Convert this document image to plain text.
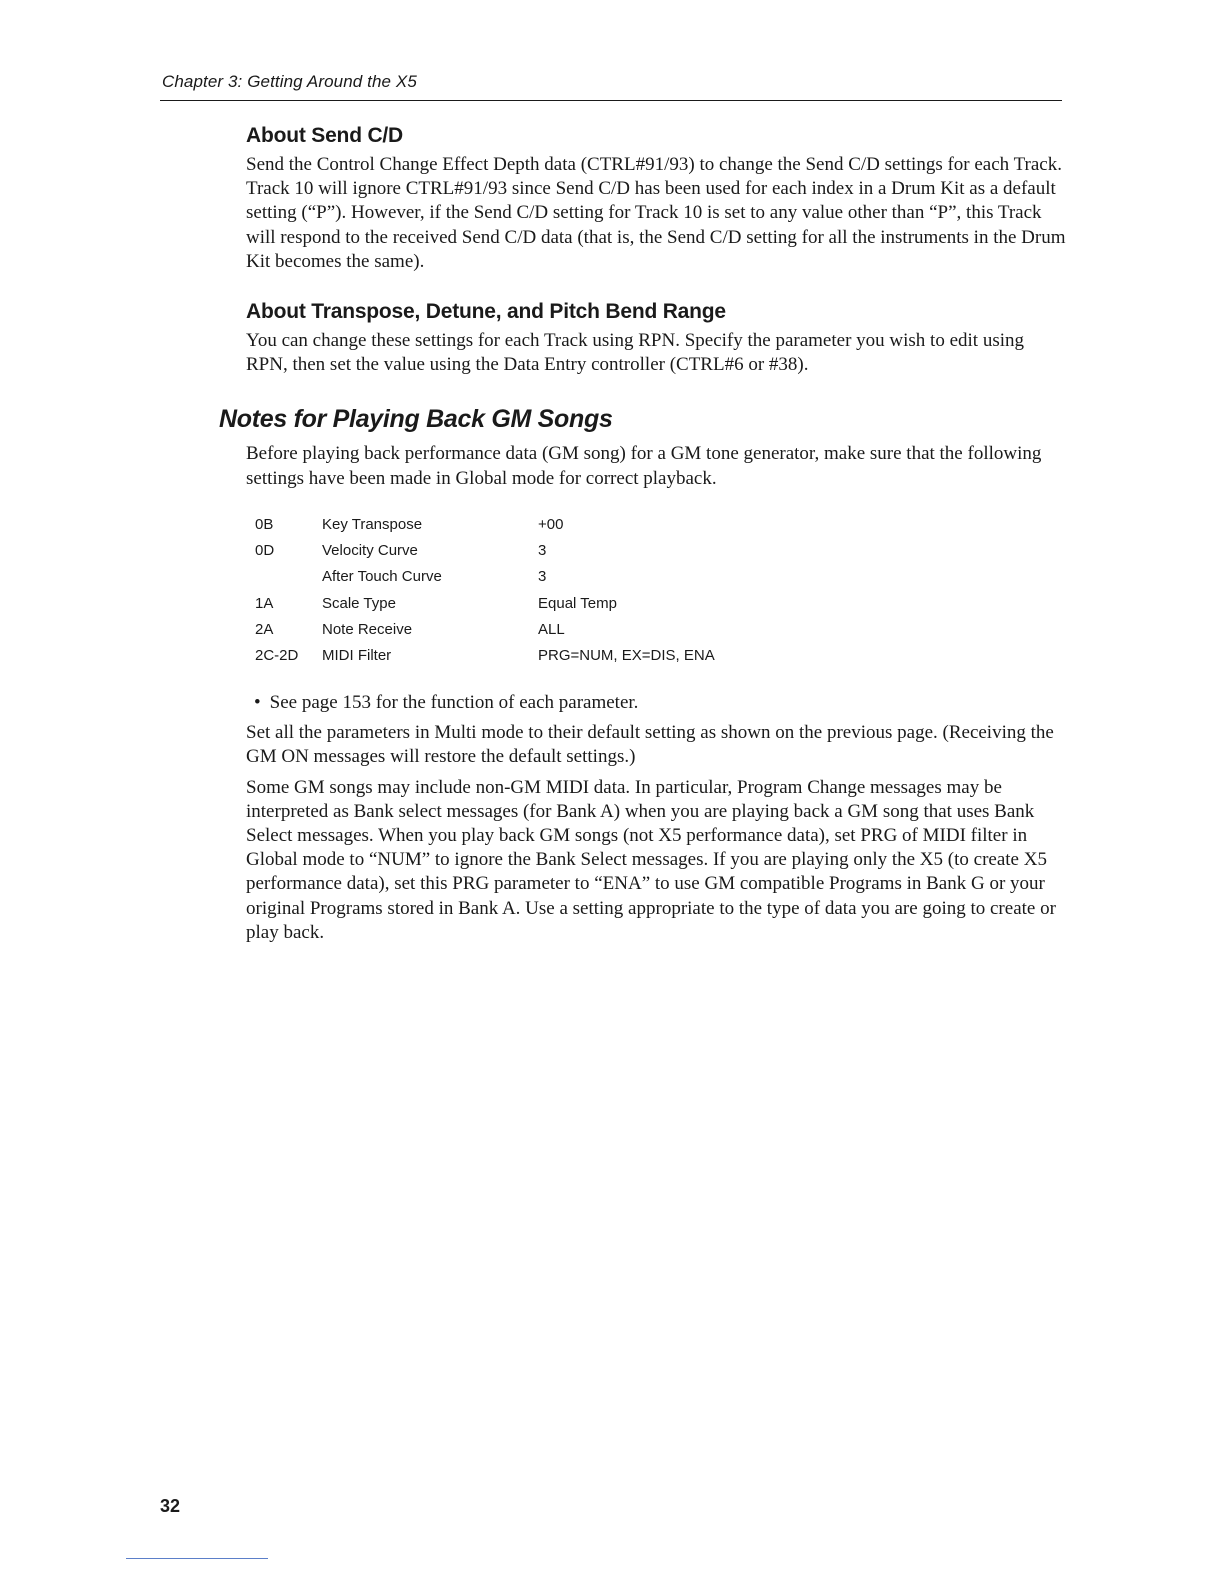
Chapter 3: Getting Around the X5
About Send C/D

Send the Control Change Effect Depth data (CTRL#91/93) to change the Send C/D settings for each Track. Track 10 will ignore CTRL#91/93 since Send C/D has been used for each index in a Drum Kit as a default setting (“P”). However, if the Send C/D setting for Track 10 is set to any value other than “P”, this Track will respond to the received Send C/D data (that is, the Send C/D setting for all the instruments in the Drum Kit becomes the same).

About Transpose, Detune, and Pitch Bend Range

You can change these settings for each Track using RPN. Specify the parameter you wish to edit using RPN, then set the value using the Data Entry controller (CTRL#6 or #38).

Notes for Playing Back GM Songs

Before playing back performance data (GM song) for a GM tone generator, make sure that the following settings have been made in Global mode for correct playback.

0B	Key Transpose	+00
0D	Velocity Curve	3
	After Touch Curve	3
1A	Scale Type	Equal Temp
2A	Note Receive	ALL
2C-2D	MIDI Filter	PRG=NUM, EX=DIS, ENA
• See page 153 for the function of each parameter.

Set all the parameters in Multi mode to their default setting as shown on the previous page. (Receiving the GM ON messages will restore the default settings.)

Some GM songs may include non-GM MIDI data. In particular, Program Change messages may be interpreted as Bank select messages (for Bank A) when you are playing back a GM song that uses Bank Select messages. When you play back GM songs (not X5 performance data), set PRG of MIDI filter in Global mode to “NUM” to ignore the Bank Select messages. If you are playing only the X5 (to create X5 performance data), set this PRG parameter to “ENA” to use GM compatible Programs in Bank G or your original Programs stored in Bank A. Use a setting appropriate to the type of data you are going to create or play back.

32
